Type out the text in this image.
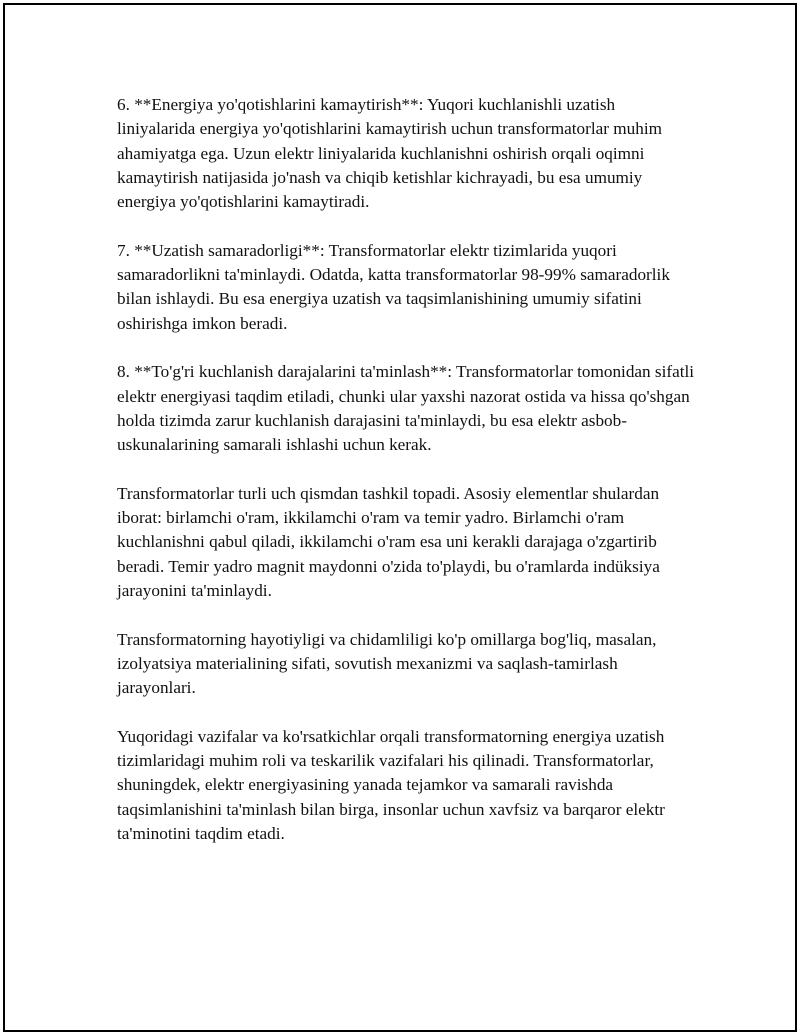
6. **Energiya yo'qotishlarini kamaytirish**: Yuqori kuchlanishli uzatish liniyalarida energiya yo'qotishlarini kamaytirish uchun transformatorlar muhim ahamiyatga ega. Uzun elektr liniyalarida kuchlanishni oshirish orqali oqimni kamaytirish natijasida jo'nash va chiqib ketishlar kichrayadi, bu esa umumiy energiya yo'qotishlarini kamaytiradi.

7. **Uzatish samaradorligi**: Transformatorlar elektr tizimlarida yuqori samaradorlikni ta'minlaydi. Odatda, katta transformatorlar 98-99% samaradorlik bilan ishlaydi. Bu esa energiya uzatish va taqsimlanishining umumiy sifatini oshirishga imkon beradi.

8. **To'g'ri kuchlanish darajalarini ta'minlash**: Transformatorlar tomonidan sifatli elektr energiyasi taqdim etiladi, chunki ular yaxshi nazorat ostida va hissa qo'shgan holda tizimda zarur kuchlanish darajasini ta'minlaydi, bu esa elektr asbob-uskunalarining samarali ishlashi uchun kerak.

Transformatorlar turli uch qismdan tashkil topadi. Asosiy elementlar shulardan iborat: birlamchi o'ram, ikkilamchi o'ram va temir yadro. Birlamchi o'ram kuchlanishni qabul qiladi, ikkilamchi o'ram esa uni kerakli darajaga o'zgartirib beradi. Temir yadro magnit maydonni o'zida to'playdi, bu o'ramlarda indüksiya jarayonini ta'minlaydi.

Transformatorning hayotiyligi va chidamliligi ko'p omillarga bog'liq, masalan, izolyatsiya materialining sifati, sovutish mexanizmi va saqlash-tamirlash jarayonlari.

Yuqoridagi vazifalar va ko'rsatkichlar orqali transformatorning energiya uzatish tizimlaridagi muhim roli va teskarilik vazifalari his qilinadi. Transformatorlar, shuningdek, elektr energiyasining yanada tejamkor va samarali ravishda taqsimlanishini ta'minlash bilan birga, insonlar uchun xavfsiz va barqaror elektr ta'minotini taqdim etadi.
